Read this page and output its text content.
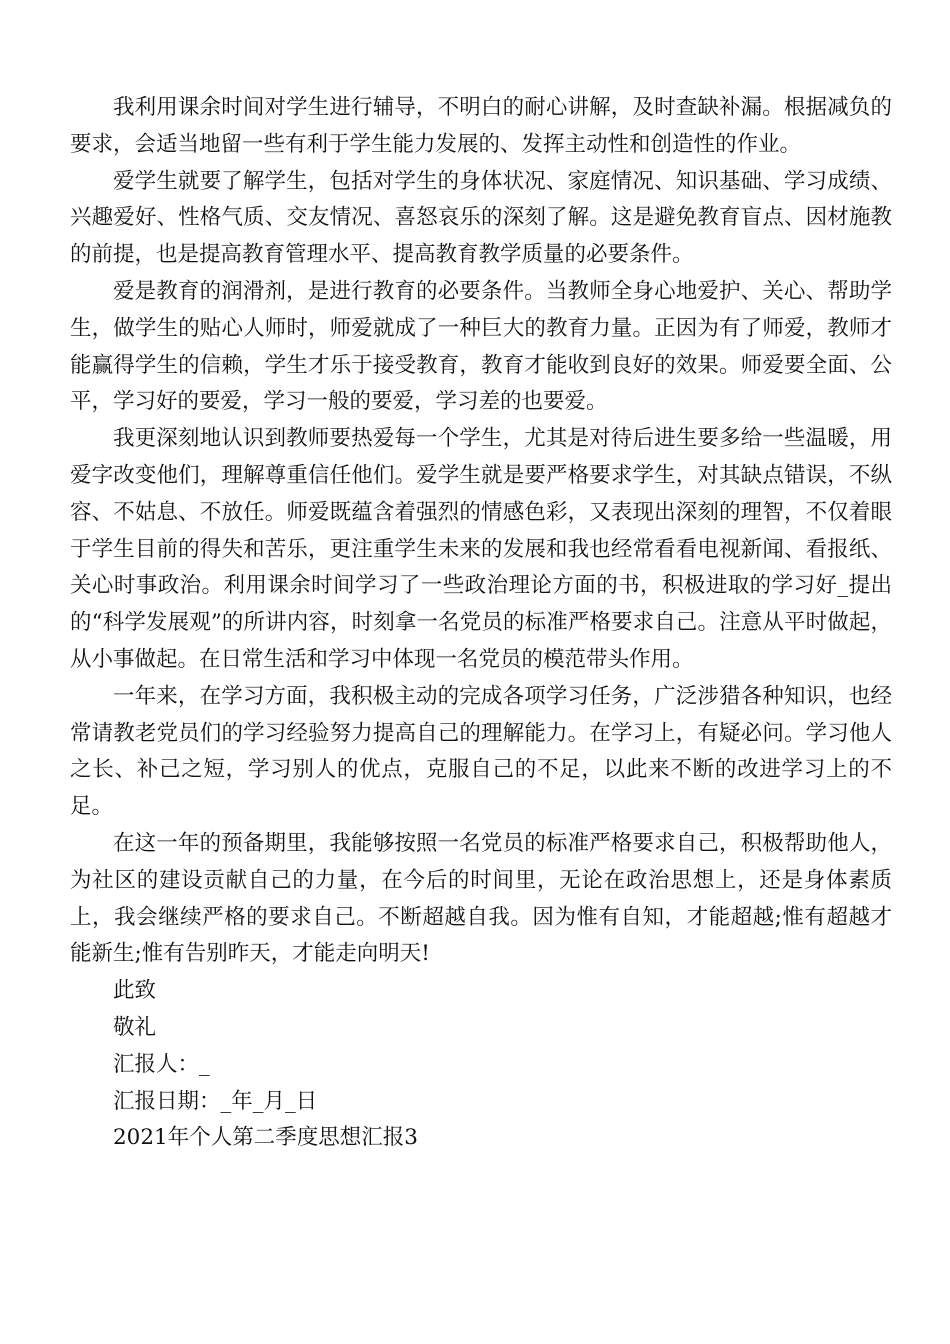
我利用课余时间对学生进行辅导，不明白的耐心讲解，及时查缺补漏。根据减负的要求，会适当地留一些有利于学生能力发展的、发挥主动性和创造性的作业。

爱学生就要了解学生，包括对学生的身体状况、家庭情况、知识基础、学习成绩、兴趣爱好、性格气质、交友情况、喜怒哀乐的深刻了解。这是避免教育盲点、因材施教的前提，也是提高教育管理水平、提高教育教学质量的必要条件。

爱是教育的润滑剂，是进行教育的必要条件。当教师全身心地爱护、关心、帮助学生，做学生的贴心人师时，师爱就成了一种巨大的教育力量。正因为有了师爱，教师才能赢得学生的信赖，学生才乐于接受教育，教育才能收到良好的效果。师爱要全面、公平，学习好的要爱，学习一般的要爱，学习差的也要爱。

我更深刻地认识到教师要热爱每一个学生，尤其是对待后进生要多给一些温暖，用爱字改变他们，理解尊重信任他们。爱学生就是要严格要求学生，对其缺点错误，不纵容、不姑息、不放任。师爱既蕴含着强烈的情感色彩，又表现出深刻的理智，不仅着眼于学生目前的得失和苦乐，更注重学生未来的发展和我也经常看看电视新闻、看报纸、关心时事政治。利用课余时间学习了一些政治理论方面的书，积极进取的学习好_提出的“科学发展观”的所讲内容，时刻拿一名党员的标准严格要求自己。注意从平时做起，从小事做起。在日常生活和学习中体现一名党员的模范带头作用。

一年来，在学习方面，我积极主动的完成各项学习任务，广泛涉猎各种知识，也经常请教老党员们的学习经验努力提高自己的理解能力。在学习上，有疑必问。学习他人之长、补己之短，学习别人的优点，克服自己的不足，以此来不断的改进学习上的不足。

在这一年的预备期里，我能够按照一名党员的标准严格要求自己，积极帮助他人，为社区的建设贡献自己的力量，在今后的时间里，无论在政治思想上，还是身体素质上，我会继续严格的要求自己。不断超越自我。因为惟有自知，才能超越;惟有超越才能新生;惟有告别昨天，才能走向明天!

此致

敬礼

汇报人：_

汇报日期：_年_月_日

2021年个人第二季度思想汇报3
